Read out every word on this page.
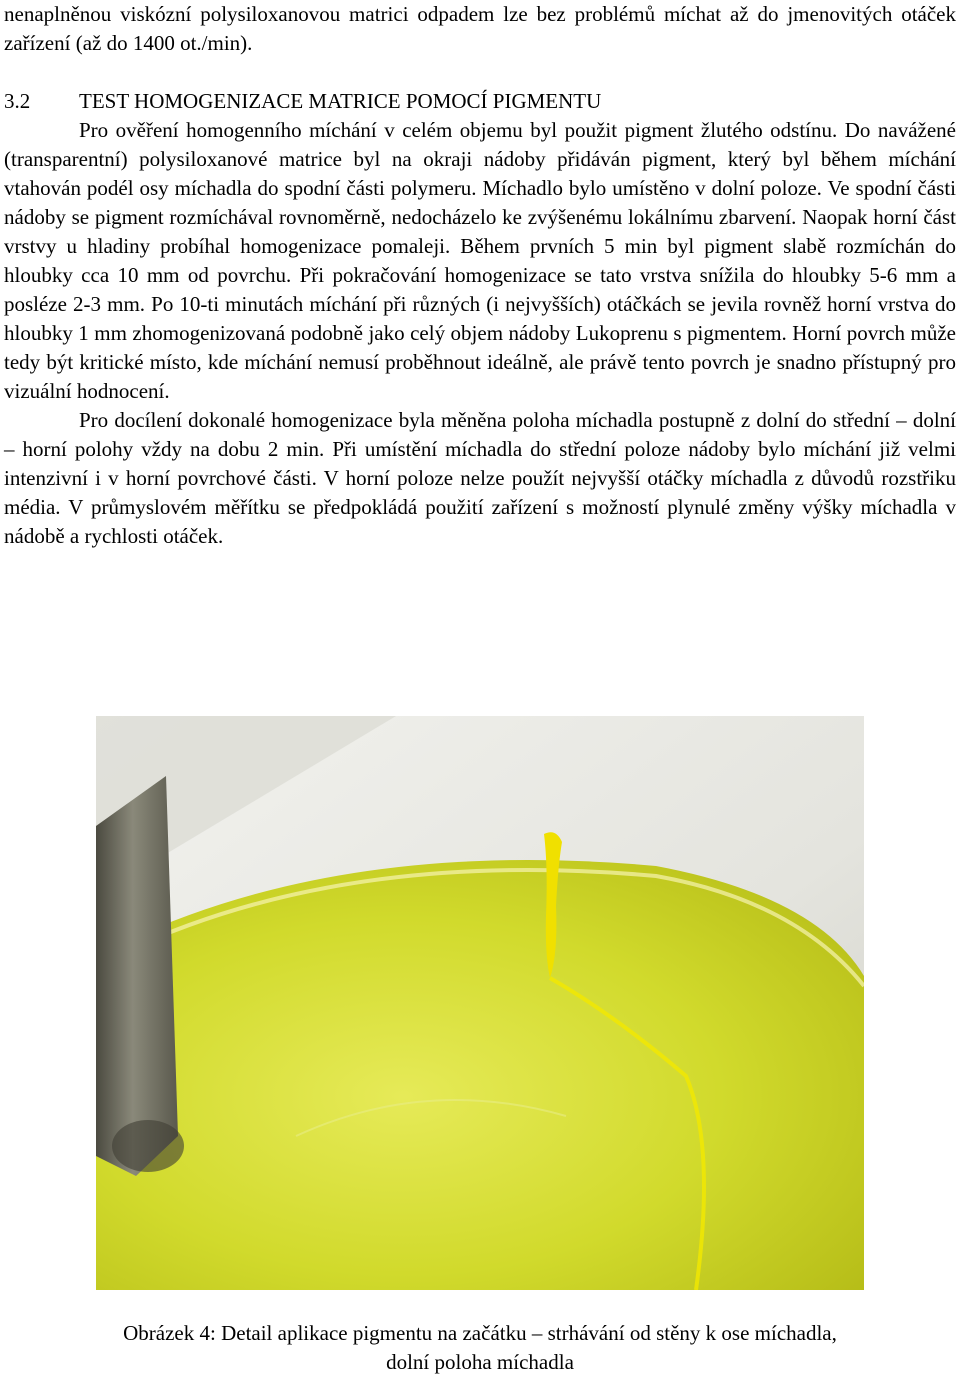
nenaplněnou viskózní polysiloxanovou matrici odpadem lze bez problémů míchat až do jmenovitých otáček zařízení (až do 1400 ot./min).

3.2 TEST HOMOGENIZACE MATRICE POMOCÍ PIGMENTU

Pro ověření homogenního míchání v celém objemu byl použit pigment žlutého odstínu. Do navážené (transparentní) polysiloxanové matrice byl na okraji nádoby přidáván pigment, který byl během míchání vtahován podél osy míchadla do spodní části polymeru. Míchadlo bylo umístěno v dolní poloze. Ve spodní části nádoby se pigment rozmíchával rovnoměrně, nedocházelo ke zvýšenému lokálnímu zbarvení. Naopak horní část vrstvy u hladiny probíhal homogenizace pomaleji. Během prvních 5 min byl pigment slabě rozmíchán do hloubky cca 10 mm od povrchu. Při pokračování homogenizace se tato vrstva snížila do hloubky 5-6 mm a posléze 2-3 mm. Po 10-ti minutách míchání při různých (i nejvyšších) otáčkách se jevila rovněž horní vrstva do hloubky 1 mm zhomogenizovaná podobně jako celý objem nádoby Lukoprenu s pigmentem. Horní povrch může tedy být kritické místo, kde míchání nemusí proběhnout ideálně, ale právě tento povrch je snadno přístupný pro vizuální hodnocení.

Pro docílení dokonalé homogenizace byla měněna poloha míchadla postupně z dolní do střední – dolní – horní polohy vždy na dobu 2 min. Při umístění míchadla do střední poloze nádoby bylo míchání již velmi intenzivní i v horní povrchové části. V horní poloze nelze použít nejvyšší otáčky míchadla z důvodů rozstřiku média. V průmyslovém měřítku se předpokládá použití zařízení s možností plynulé změny výšky míchadla v nádobě a rychlosti otáček.

Obrázek 4: Detail aplikace pigmentu na začátku – strhávání od stěny k ose míchadla,
dolní poloha míchadla
